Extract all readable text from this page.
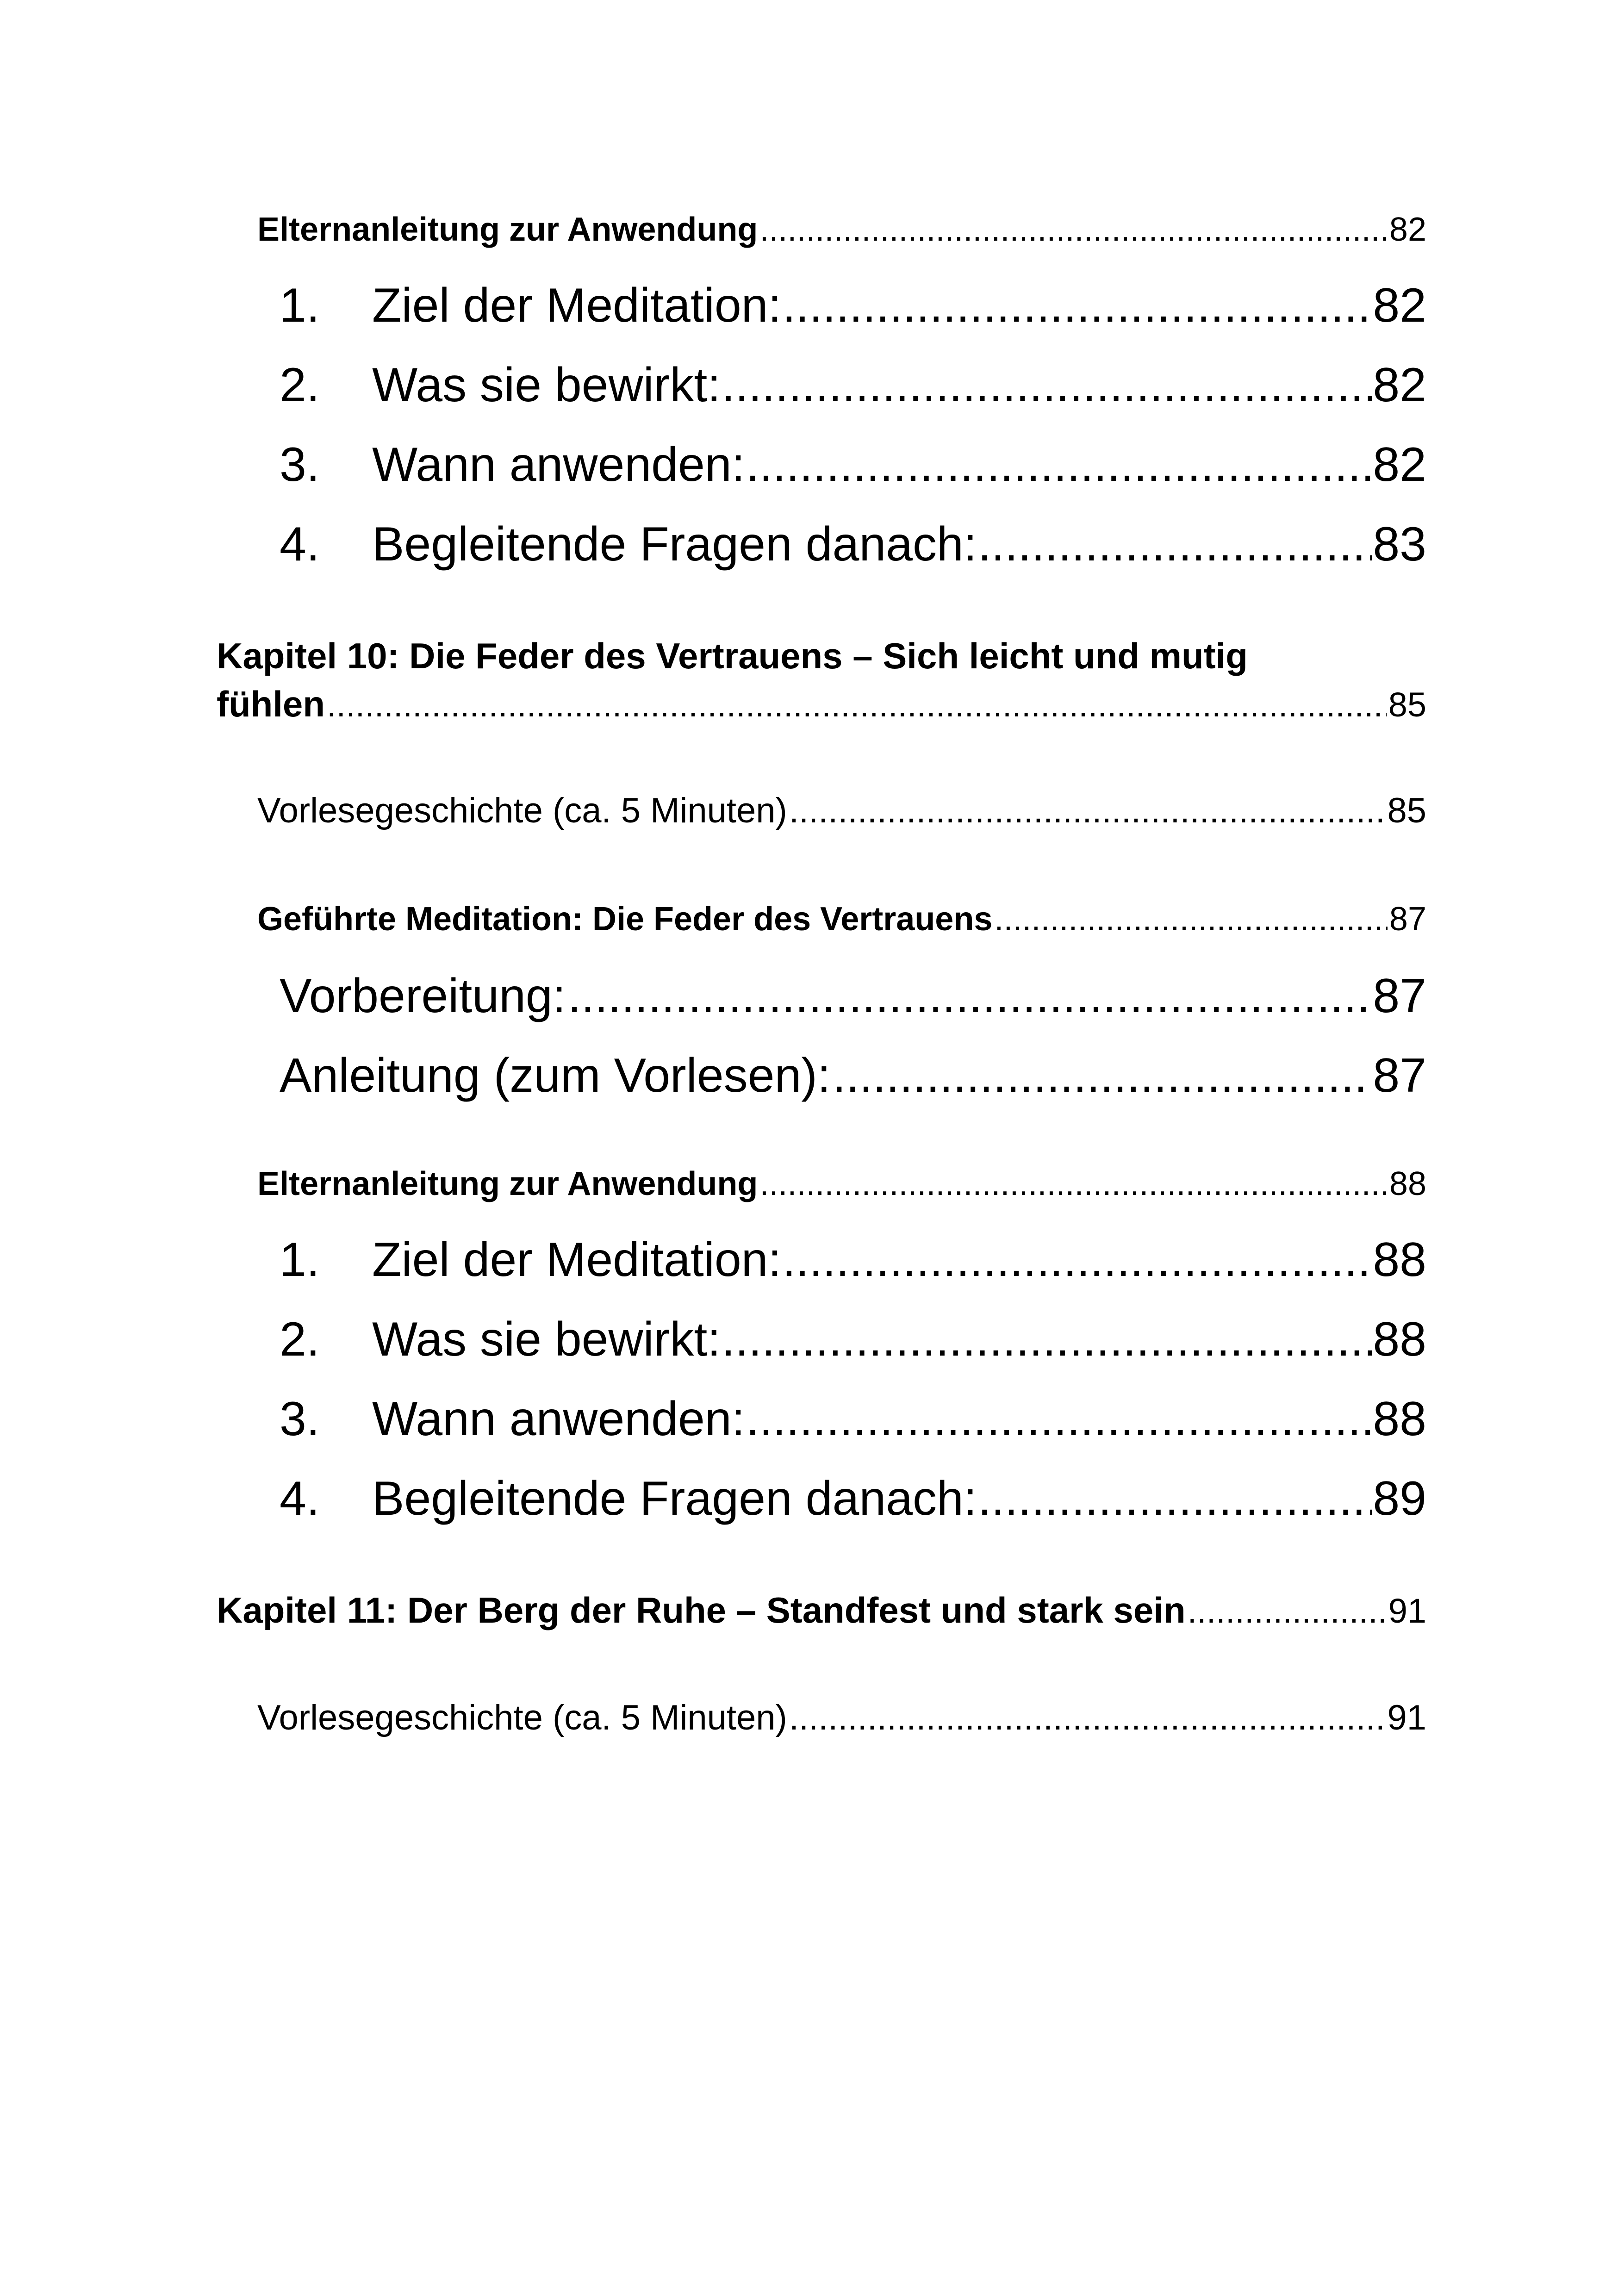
Elternanleitung zur Anwendung .....	82
1.	Ziel der Meditation: .....	82
2.	Was sie bewirkt: .....	82
3.	Wann anwenden: .....	82
4.	Begleitende Fragen danach: .....	83
Kapitel 10: Die Feder des Vertrauens – Sich leicht und mutig
fühlen .....	85
Vorlesegeschichte (ca. 5 Minuten) .....	85
Geführte Meditation: Die Feder des Vertrauens .....	87
Vorbereitung: .....	87
Anleitung (zum Vorlesen): .....	87
Elternanleitung zur Anwendung .....	88
1.	Ziel der Meditation: .....	88
2.	Was sie bewirkt: .....	88
3.	Wann anwenden: .....	88
4.	Begleitende Fragen danach: .....	89
Kapitel 11: Der Berg der Ruhe – Standfest und stark sein .....	91
Vorlesegeschichte (ca. 5 Minuten) .....	91
